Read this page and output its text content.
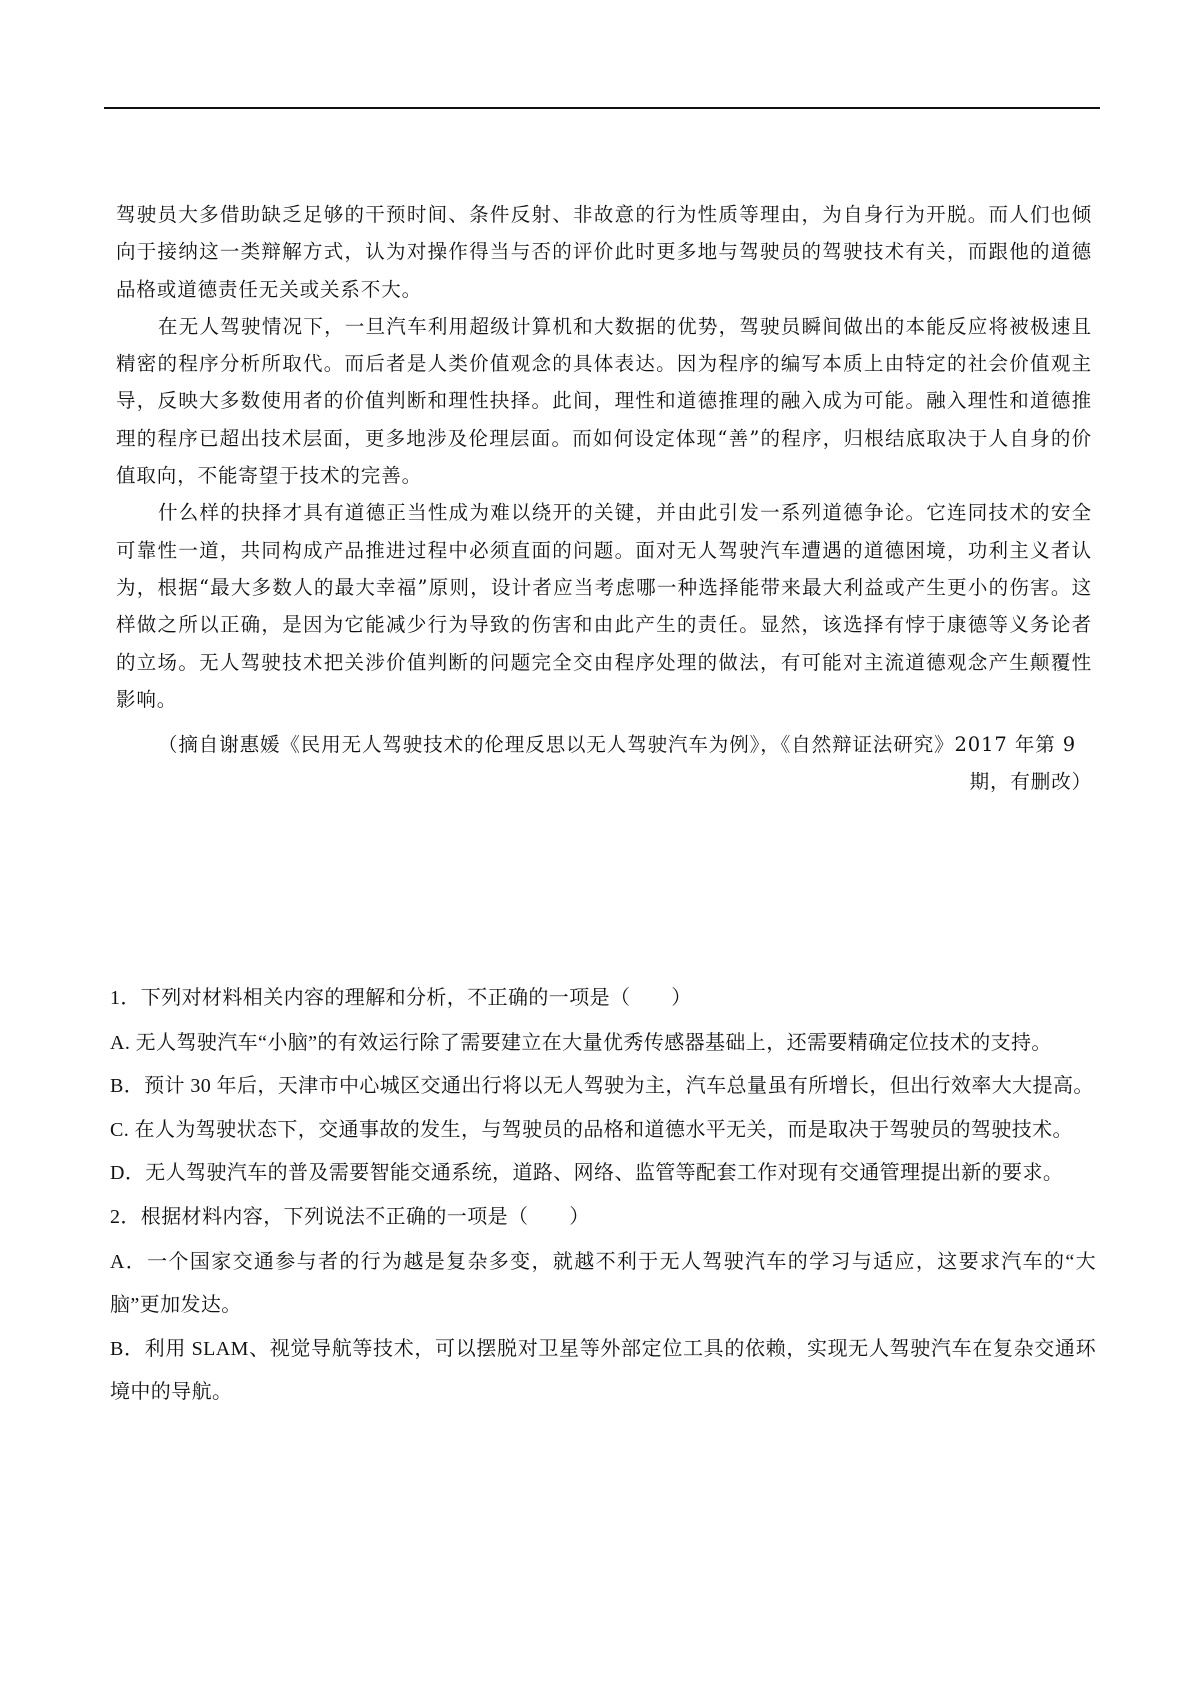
驾驶员大多借助缺乏足够的干预时间、条件反射、非故意的行为性质等理由，为自身行为开脱。而人们也倾向于接纳这一类辩解方式，认为对操作得当与否的评价此时更多地与驾驶员的驾驶技术有关，而跟他的道德品格或道德责任无关或关系不大。

在无人驾驶情况下，一旦汽车利用超级计算机和大数据的优势，驾驶员瞬间做出的本能反应将被极速且精密的程序分析所取代。而后者是人类价值观念的具体表达。因为程序的编写本质上由特定的社会价值观主导，反映大多数使用者的价值判断和理性抉择。此间，理性和道德推理的融入成为可能。融入理性和道德推理的程序已超出技术层面，更多地涉及伦理层面。而如何设定体现“善”的程序，归根结底取决于人自身的价值取向，不能寄望于技术的完善。

什么样的抉择才具有道德正当性成为难以绕开的关键，并由此引发一系列道德争论。它连同技术的安全可靠性一道，共同构成产品推进过程中必须直面的问题。面对无人驾驶汽车遭遇的道德困境，功利主义者认为，根据“最大多数人的最大幸福”原则，设计者应当考虑哪一种选择能带来最大利益或产生更小的伤害。这样做之所以正确，是因为它能减少行为导致的伤害和由此产生的责任。显然，该选择有悖于康德等义务论者的立场。无人驾驶技术把关涉价值判断的问题完全交由程序处理的做法，有可能对主流道德观念产生颠覆性影响。

（摘自谢惠媛《民用无人驾驶技术的伦理反思以无人驾驶汽车为例》，《自然辩证法研究》2017 年第 9

期，有删改）

1．下列对材料相关内容的理解和分析，不正确的一项是（　　）

A. 无人驾驶汽车“小脑”的有效运行除了需要建立在大量优秀传感器基础上，还需要精确定位技术的支持。

B．预计 30 年后，天津市中心城区交通出行将以无人驾驶为主，汽车总量虽有所增长，但出行效率大大提高。

C. 在人为驾驶状态下，交通事故的发生，与驾驶员的品格和道德水平无关，而是取决于驾驶员的驾驶技术。

D．无人驾驶汽车的普及需要智能交通系统，道路、网络、监管等配套工作对现有交通管理提出新的要求。

2．根据材料内容，下列说法不正确的一项是（　　）

A．一个国家交通参与者的行为越是复杂多变，就越不利于无人驾驶汽车的学习与适应，这要求汽车的“大脑”更加发达。

B．利用 SLAM、视觉导航等技术，可以摆脱对卫星等外部定位工具的依赖，实现无人驾驶汽车在复杂交通环境中的导航。
